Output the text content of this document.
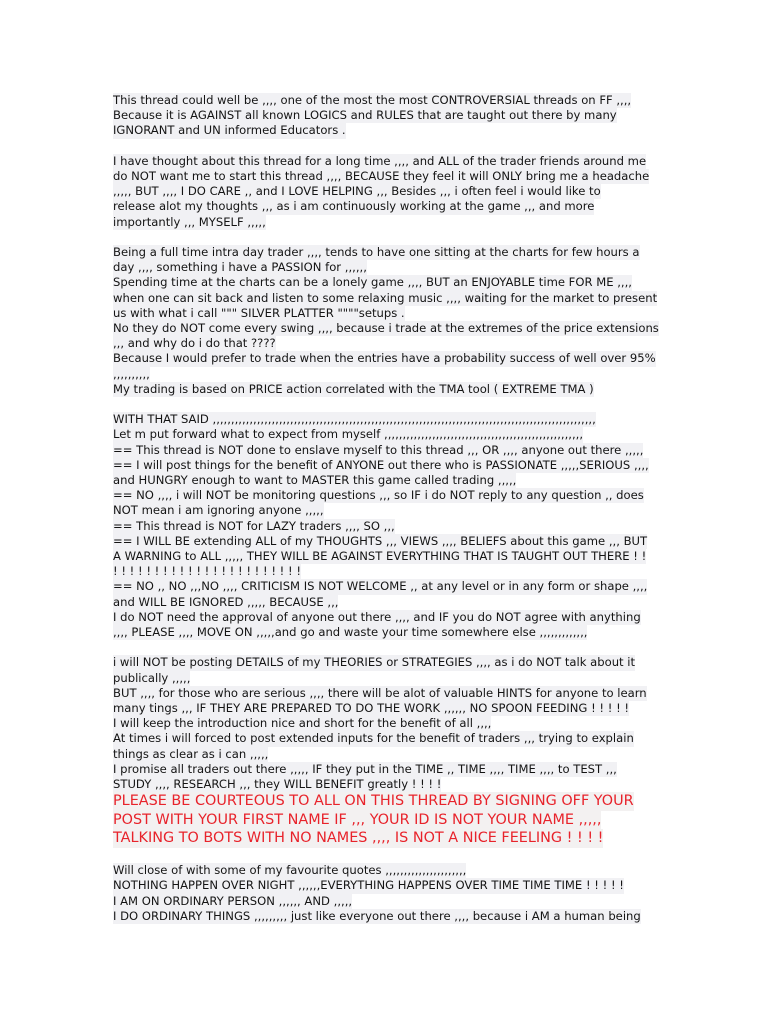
This thread could well be ,,,, one of the most the most CONTROVERSIAL threads on FF ,,,,
Because it is AGAINST all known LOGICS and RULES that are taught out there by many
IGNORANT and UN informed Educators .
I have thought about this thread for a long time ,,,, and ALL of the trader friends around me
do NOT want me to start this thread ,,,, BECAUSE they feel it will ONLY bring me a headache
,,,,, BUT ,,,, I DO CARE ,, and I LOVE HELPING ,,, Besides ,,, i often feel i would like to
release alot my thoughts ,,, as i am continuously working at the game ,,, and more
importantly ,,, MYSELF ,,,,,
Being a full time intra day trader ,,,, tends to have one sitting at the charts for few hours a
day ,,,, something i have a PASSION for ,,,,,,
Spending time at the charts can be a lonely game ,,,, BUT an ENJOYABLE time FOR ME ,,,,
when one can sit back and listen to some relaxing music ,,,, waiting for the market to present
us with what i call """ SILVER PLATTER """"setups .
No they do NOT come every swing ,,,, because i trade at the extremes of the price extensions
,,, and why do i do that ????
Because I would prefer to trade when the entries have a probability success of well over 95%
,,,,,,,,,,
My trading is based on PRICE action correlated with the TMA tool ( EXTREME TMA )
WITH THAT SAID ,,,,,,,,,,,,,,,,,,,,,,,,,,,,,,,,,,,,,,,,,,,,,,,,,,,,,,,,,,,,,,,,,,,,,,,,,,,,,,,,,,,,,,,,,,,,,,,,,,,,,,,,
Let m put forward what to expect from myself ,,,,,,,,,,,,,,,,,,,,,,,,,,,,,,,,,,,,,,,,,,,,,,,,,,,,,,
== This thread is NOT done to enslave myself to this thread ,,, OR ,,,, anyone out there ,,,,,
== I will post things for the benefit of ANYONE out there who is PASSIONATE ,,,,,SERIOUS ,,,,
and HUNGRY enough to want to MASTER this game called trading ,,,,,
== NO ,,,, i will NOT be monitoring questions ,,, so IF i do NOT reply to any question ,, does
NOT mean i am ignoring anyone ,,,,,
== This thread is NOT for LAZY traders ,,,, SO ,,,
== I WILL BE extending ALL of my THOUGHTS ,,, VIEWS ,,,, BELIEFS about this game ,,, BUT
A WARNING to ALL ,,,,, THEY WILL BE AGAINST EVERYTHING THAT IS TAUGHT OUT THERE ! !
! ! ! ! ! ! ! ! ! ! ! ! ! ! ! ! ! ! ! ! ! ! !
== NO ,, NO ,,,NO ,,,, CRITICISM IS NOT WELCOME ,, at any level or in any form or shape ,,,,
and WILL BE IGNORED ,,,,, BECAUSE ,,,
I do NOT need the approval of anyone out there ,,,, and IF you do NOT agree with anything
,,,, PLEASE ,,,, MOVE ON ,,,,,and go and waste your time somewhere else ,,,,,,,,,,,,,
i will NOT be posting DETAILS of my THEORIES or STRATEGIES ,,,, as i do NOT talk about it
publically ,,,,,
BUT ,,,, for those who are serious ,,,, there will be alot of valuable HINTS for anyone to learn
many tings ,,, IF THEY ARE PREPARED TO DO THE WORK ,,,,,, NO SPOON FEEDING ! ! ! ! !
I will keep the introduction nice and short for the benefit of all ,,,,
At times i will forced to post extended inputs for the benefit of traders ,,, trying to explain
things as clear as i can ,,,,,
I promise all traders out there ,,,,, IF they put in the TIME ,, TIME ,,,, TIME ,,,, to TEST ,,,
STUDY ,,,, RESEARCH ,,, they WILL BENEFIT greatly ! ! ! !
PLEASE BE COURTEOUS TO ALL ON THIS THREAD BY SIGNING OFF YOUR
POST WITH YOUR FIRST NAME IF ,,, YOUR ID IS NOT YOUR NAME ,,,,,
TALKING TO BOTS WITH NO NAMES ,,,, IS NOT A NICE FEELING ! ! ! !
Will close of with some of my favourite quotes ,,,,,,,,,,,,,,,,,,,,,,
NOTHING HAPPEN OVER NIGHT ,,,,,,EVERYTHING HAPPENS OVER TIME TIME TIME ! ! ! ! !
I AM ON ORDINARY PERSON ,,,,,, AND ,,,,,
I DO ORDINARY THINGS ,,,,,,,,, just like everyone out there ,,,, because i AM a human being
